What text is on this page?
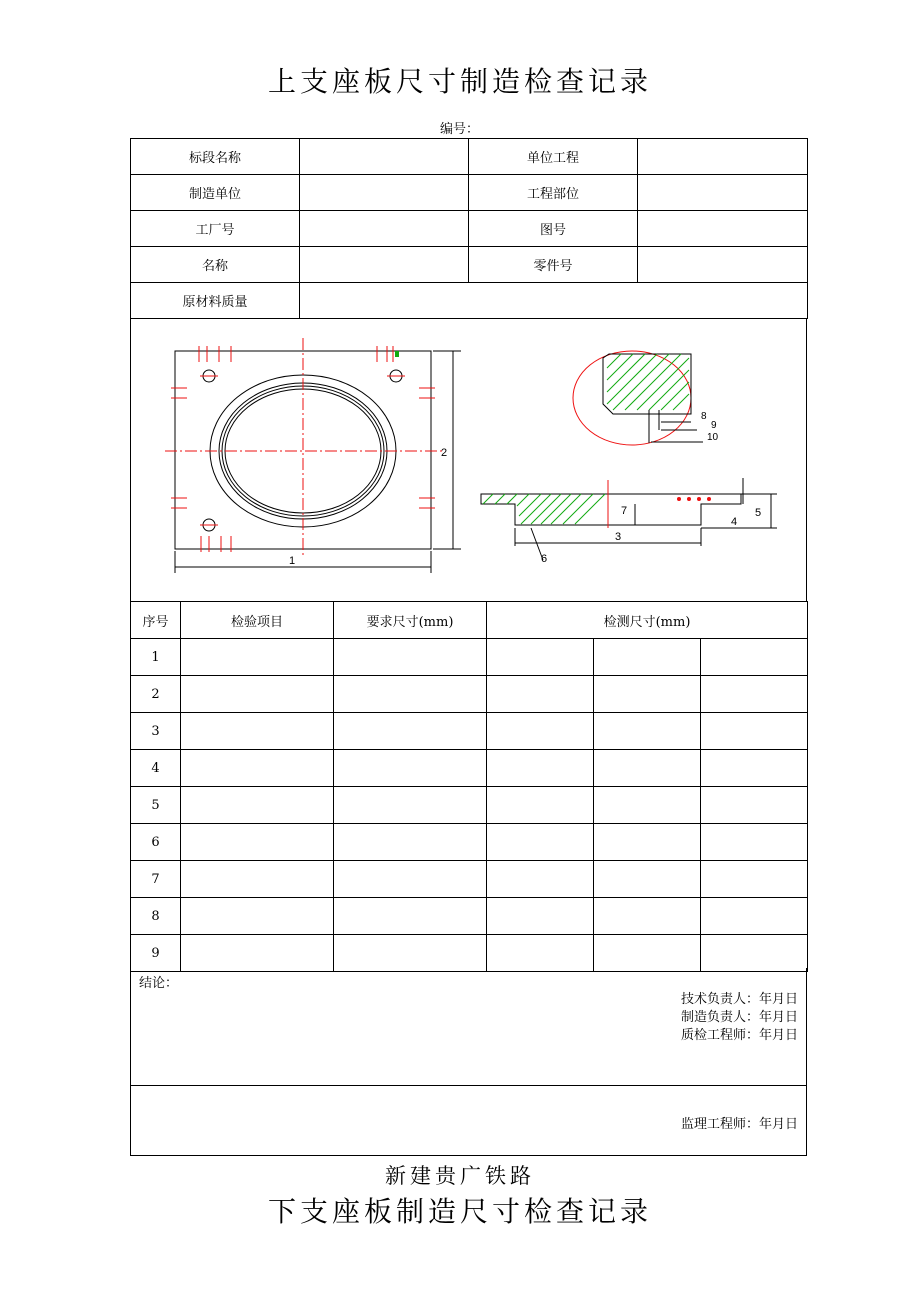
上支座板尺寸制造检查记录
编号：
标段名称		单位工程	
制造单位		工程部位	
工厂号		图号	
名称		零件号	
原材料质量			
1
2
8
9
10
3
7
4
5
6
序号	检验项目	要求尺寸(mm)	检测尺寸(mm)		
1					
2					
3					
4					
5					
6					
7					
8					
9					
结论：
技术负责人：年月日
制造负责人：年月日
质检工程师：年月日
监理工程师：年月日
新建贵广铁路
下支座板制造尺寸检查记录
